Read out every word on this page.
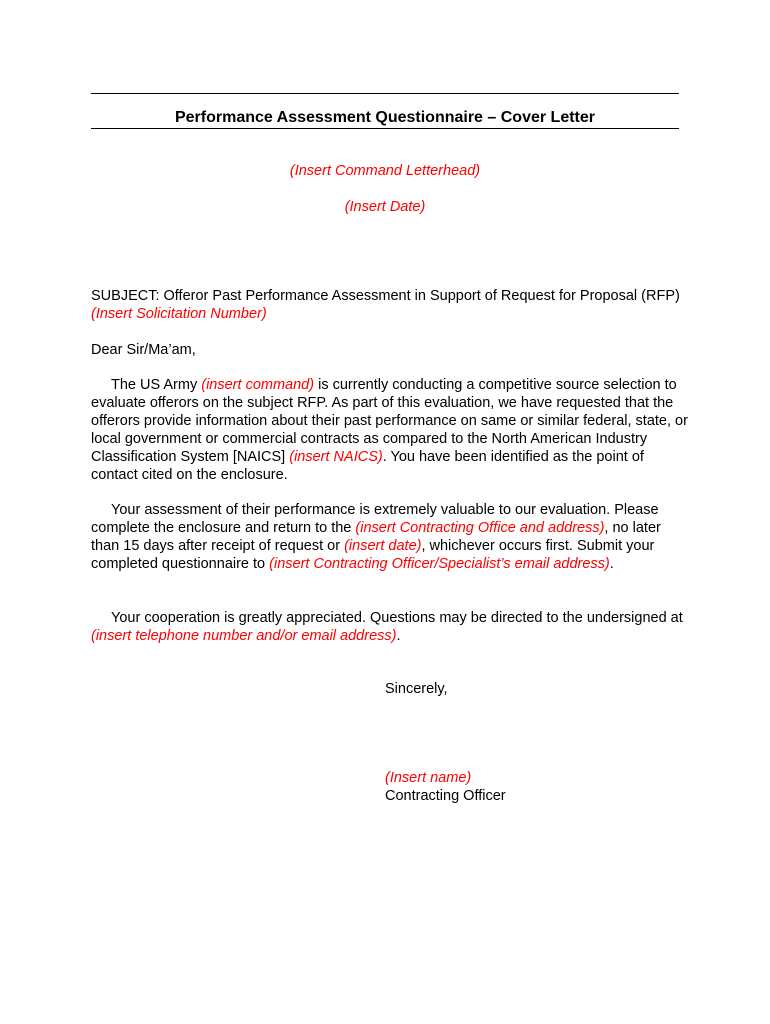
Performance Assessment Questionnaire – Cover Letter
(Insert Command Letterhead)
(Insert Date)

SUBJECT: Offeror Past Performance Assessment in Support of Request for Proposal (RFP) (Insert Solicitation Number)

Dear Sir/Ma’am,

The US Army (insert command) is currently conducting a competitive source selection to evaluate offerors on the subject RFP. As part of this evaluation, we have requested that the offerors provide information about their past performance on same or similar federal, state, or local government or commercial contracts as compared to the North American Industry Classification System [NAICS] (insert NAICS). You have been identified as the point of contact cited on the enclosure.

Your assessment of their performance is extremely valuable to our evaluation. Please complete the enclosure and return to the (insert Contracting Office and address), no later than 15 days after receipt of request or (insert date), whichever occurs first. Submit your completed questionnaire to (insert Contracting Officer/Specialist’s email address).

Your cooperation is greatly appreciated. Questions may be directed to the undersigned at (insert telephone number and/or email address).

Sincerely,
(Insert name)
Contracting Officer
